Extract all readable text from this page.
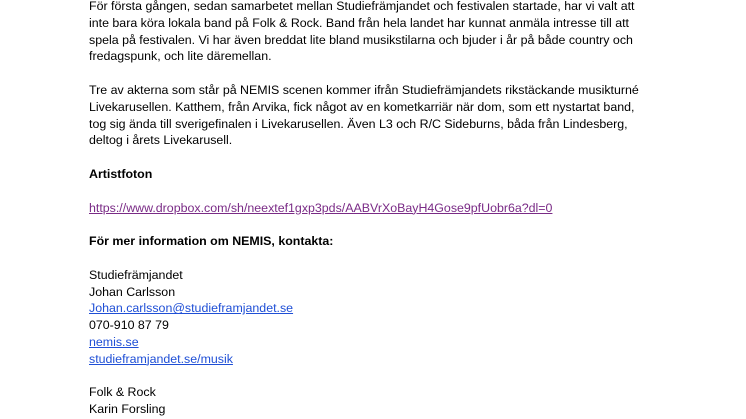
För första gången, sedan samarbetet mellan Studiefrämjandet och festivalen startade, har vi valt att
inte bara köra lokala band på Folk & Rock. Band från hela landet har kunnat anmäla intresse till att
spela på festivalen. Vi har även breddat lite bland musikstilarna och bjuder i år på både country och
fredagspunk, och lite däremellan.

Tre av akterna som står på NEMIS scenen kommer ifrån Studiefrämjandets rikstäckande musikturné
Livekarusellen. Katthem, från Arvika, fick något av en kometkarriär när dom, som ett nystartat band,
tog sig ända till sverigefinalen i Livekarusellen. Även L3 och R/C Sideburns, båda från Lindesberg,
deltog i årets Livekarusell.

Artistfoton

https://www.dropbox.com/sh/neextef1gxp3pds/AABVrXoBayH4Gose9pfUobr6a?dl=0

För mer information om NEMIS, kontakta:

Studiefrämjandet
Johan Carlsson
Johan.carlsson@studieframjandet.se
070-910 87 79
nemis.se
studieframjandet.se/musik

Folk & Rock
Karin Forsling
